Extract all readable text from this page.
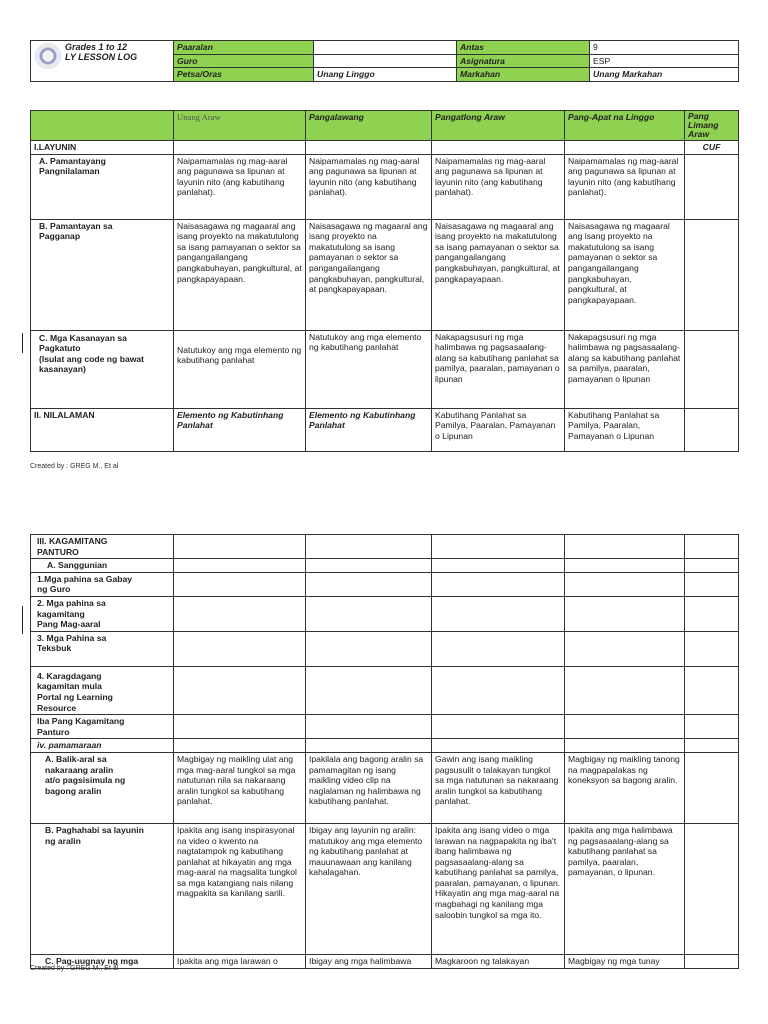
Grades 1 to 12
LY LESSON LOG	Paaralan		Antas	9
	Guro		Asignatura	ESP
	Petsa/Oras	Unang Linggo	Markahan	Unang Markahan
	Unang Araw	Pangalawang	Pangatlong Araw	Pang-Apat na Linggo	Pang Limang Araw
I.LAYUNIN					CUF
A. Pamantayang
Pangnilalaman	Naipamamalas ng mag-aaral ang pagunawa sa lipunan at layunin nito (ang kabutihang panlahat).	Naipamamalas ng mag-aaral ang pagunawa sa lipunan at layunin nito (ang kabutihang panlahat).	Naipamamalas ng mag-aaral ang pagunawa sa lipunan at layunin nito (ang kabutihang panlahat).	Naipamamalas ng mag-aaral ang pagunawa sa lipunan at layunin nito (ang kabutihang panlahat).	
B. Pamantayan sa
Pagganap	Naisasagawa ng magaaral ang isang proyekto na makatutulong sa isang pamayanan o sektor sa pangangailangang pangkabuhayan, pangkultural, at pangkapayapaan.	Naisasagawa ng magaaral ang isang proyekto na makatutulong sa isang pamayanan o sektor sa pangangailangang pangkabuhayan, pangkultural, at pangkapayapaan.	Naisasagawa ng magaaral ang isang proyekto na makatutulong sa isang pamayanan o sektor sa pangangailangang pangkabuhayan, pangkultural, at pangkapayapaan.	Naisasagawa ng magaaral ang isang proyekto na makatutulong sa isang pamayanan o sektor sa pangangailangang pangkabuhayan, pangkultural, at pangkapayapaan.	
C. Mga Kasanayan sa
Pagkatuto
(Isulat ang code ng bawat
kasanayan)	Natutukoy ang mga elemento ng kabutihang panlahat	Natutukoy ang mga elemento ng kabutihang panlahat	Nakapagsusuri ng mga halimbawa ng pagsasaalang-alang sa kabutihang panlahat sa pamilya, paaralan, pamayanan o lipunan	Nakapagsusuri ng mga halimbawa ng pagsasaalang-alang sa kabutihang panlahat sa pamilya, paaralan, pamayanan o lipunan	
II. NILALAMAN	Elemento ng Kabutinhang Panlahat	Elemento ng Kabutinhang Panlahat	Kabutihang Panlahat sa Pamilya, Paaralan, Pamayanan o Lipunan	Kabutihang Panlahat sa Pamilya, Paaralan, Pamayanan o Lipunan	
Created by : GREG M., Et al
III. KAGAMITANG
PANTURO					
A. Sanggunian					
1.Mga pahina sa Gabay
ng Guro					
2. Mga pahina sa
kagamitang
Pang Mag-aaral					
3. Mga Pahina sa
Teksbuk					
4. Karagdagang
kagamitan mula
Portal ng Learning
Resource					
Iba Pang Kagamitang
Panturo					
iv. pamamaraan					
A. Balik-aral sa
nakaraang aralin
at/o pagsisimula ng
bagong aralin	Magbigay ng maikling ulat ang mga mag-aaral tungkol sa mga natutunan nila sa nakaraang aralin tungkol sa kabutihang panlahat.	Ipakilala ang bagong aralin sa pamamagitan ng isang maikling video clip na naglalaman ng halimbawa ng kabutihang panlahat.	Gawin ang isang maikling pagsusulit o talakayan tungkol sa mga natutunan sa nakaraang aralin tungkol sa kabutihang panlahat.	Magbigay ng maikling tanong na magpapalakas ng koneksyon sa bagong aralin.	
B. Paghahabi sa layunin
ng aralin	Ipakita ang isang inspirasyonal na video o kwento na nagtatampok ng kabutihang panlahat at hikayatin ang mga mag-aaral na magsalita tungkol sa mga katangiang nais nilang magpakita sa kanilang sarili.	Ibigay ang layunin ng aralin: matutukoy ang mga elemento ng kabutihang panlahat at mauunawaan ang kanilang kahalagahan.	Ipakita ang isang video o mga larawan na nagpapakita ng iba't ibang halimbawa ng pagsasaalang-alang sa kabutihang panlahat sa pamilya, paaralan, pamayanan, o lipunan. Hikayatin ang mga mag-aaral na magbahagi ng kanilang mga saloobin tungkol sa mga ito.	Ipakita ang mga halimbawa ng pagsasaalang-alang sa kabutihang panlahat sa pamilya, paaralan, pamayanan, o lipunan.	
C. Pag-uugnay ng mga	Ipakita ang mga larawan o	Ibigay ang mga halimbawa	Magkaroon ng talakayan	Magbigay ng mga tunay	
Created by : GREG M., Et al
